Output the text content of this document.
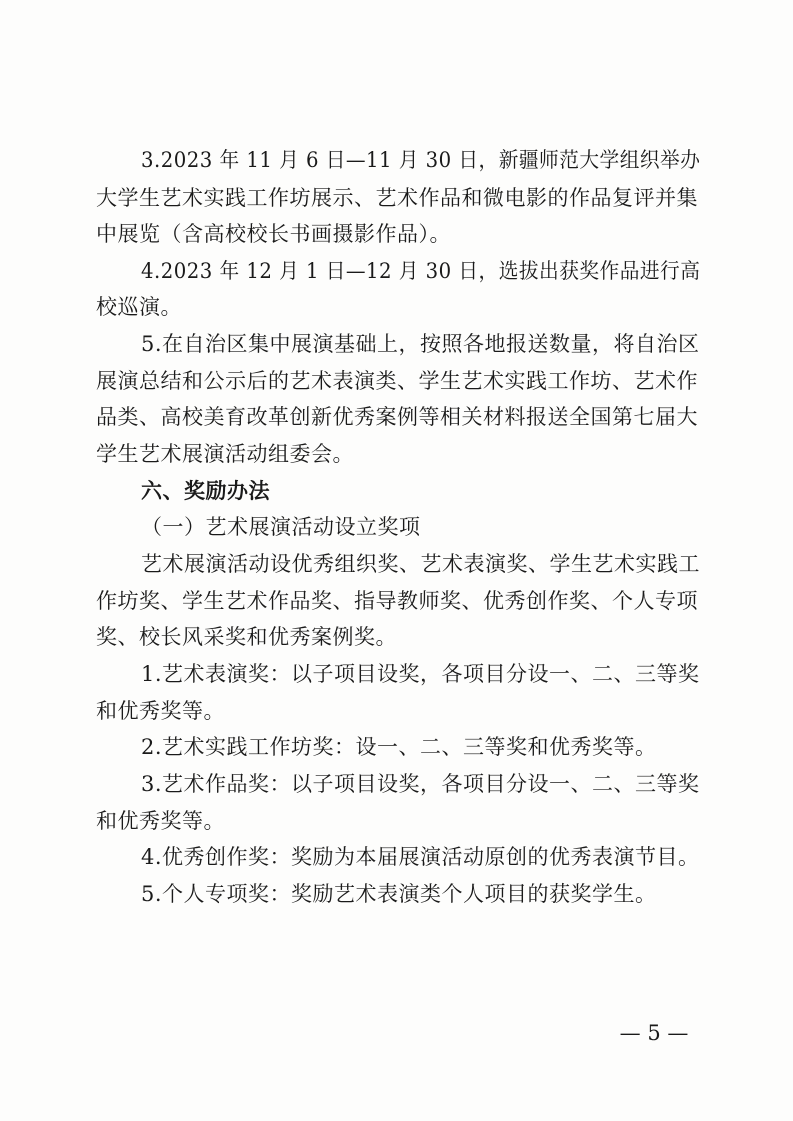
3.2023 年 11 月 6 日—11 月 30 日，新疆师范大学组织举办
大学生艺术实践工作坊展示、艺术作品和微电影的作品复评并集
中展览（含高校校长书画摄影作品）。
4.2023 年 12 月 1 日—12 月 30 日，选拔出获奖作品进行高
校巡演。
5.在自治区集中展演基础上，按照各地报送数量，将自治区
展演总结和公示后的艺术表演类、学生艺术实践工作坊、艺术作
品类、高校美育改革创新优秀案例等相关材料报送全国第七届大
学生艺术展演活动组委会。
六、奖励办法
（一）艺术展演活动设立奖项
艺术展演活动设优秀组织奖、艺术表演奖、学生艺术实践工
作坊奖、学生艺术作品奖、指导教师奖、优秀创作奖、个人专项
奖、校长风采奖和优秀案例奖。
1.艺术表演奖：以子项目设奖，各项目分设一、二、三等奖
和优秀奖等。
2.艺术实践工作坊奖：设一、二、三等奖和优秀奖等。
3.艺术作品奖：以子项目设奖，各项目分设一、二、三等奖
和优秀奖等。
4.优秀创作奖：奖励为本届展演活动原创的优秀表演节目。
5.个人专项奖：奖励艺术表演类个人项目的获奖学生。
— 5 —
